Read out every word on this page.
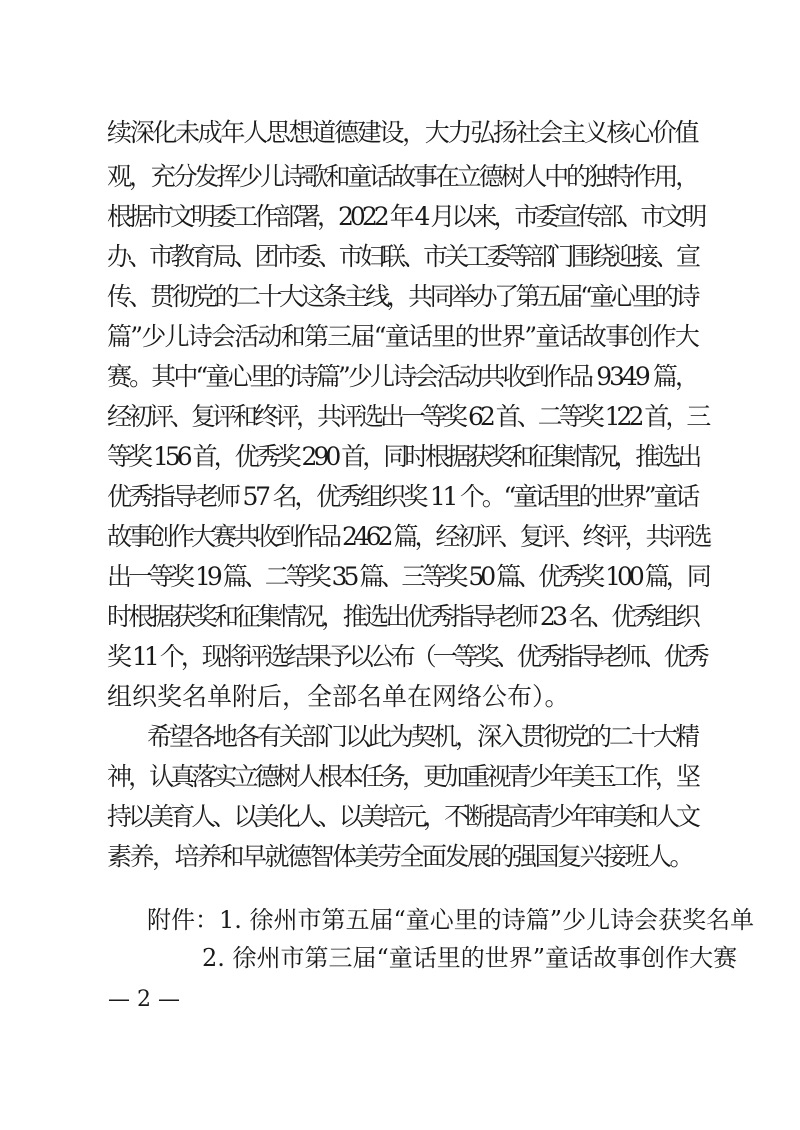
续深化未成年人思想道德建设，大力弘扬社会主义核心价值
观，充分发挥少儿诗歌和童话故事在立德树人中的独特作用，
根据市文明委工作部署，2022 年 4 月以来，市委宣传部、市文明
办、市教育局、团市委、市妇联、市关工委等部门围绕迎接、宣
传、贯彻党的二十大这条主线，共同举办了第五届“童心里的诗
篇”少儿诗会活动和第三届“童话里的世界”童话故事创作大
赛。其中“童心里的诗篇”少儿诗会活动共收到作品 9349 篇，
经初评、复评和终评，共评选出一等奖 62 首、二等奖 122 首，三
等奖 156 首，优秀奖 290 首，同时根据获奖和征集情况，推选出
优秀指导老师 57 名，优秀组织奖 11 个。“童话里的世界”童话
故事创作大赛共收到作品 2462 篇，经初评、复评、终评，共评选
出一等奖 19 篇、二等奖 35 篇、三等奖 50 篇、优秀奖 100 篇，同
时根据获奖和征集情况，推选出优秀指导老师 23 名、优秀组织
奖 11 个，现将评选结果予以公布（一等奖、优秀指导老师、优秀
组织奖名单附后，全部名单在网络公布）。
希望各地各有关部门以此为契机，深入贯彻党的二十大精
神，认真落实立德树人根本任务，更加重视青少年美玉工作，坚
持以美育人、以美化人、以美培元，不断提高青少年审美和人文
素养，培养和早就德智体美劳全面发展的强国复兴接班人。
附件：1. 徐州市第五届“童心里的诗篇”少儿诗会获奖名单
2. 徐州市第三届“童话里的世界”童话故事创作大赛
— 2 —
